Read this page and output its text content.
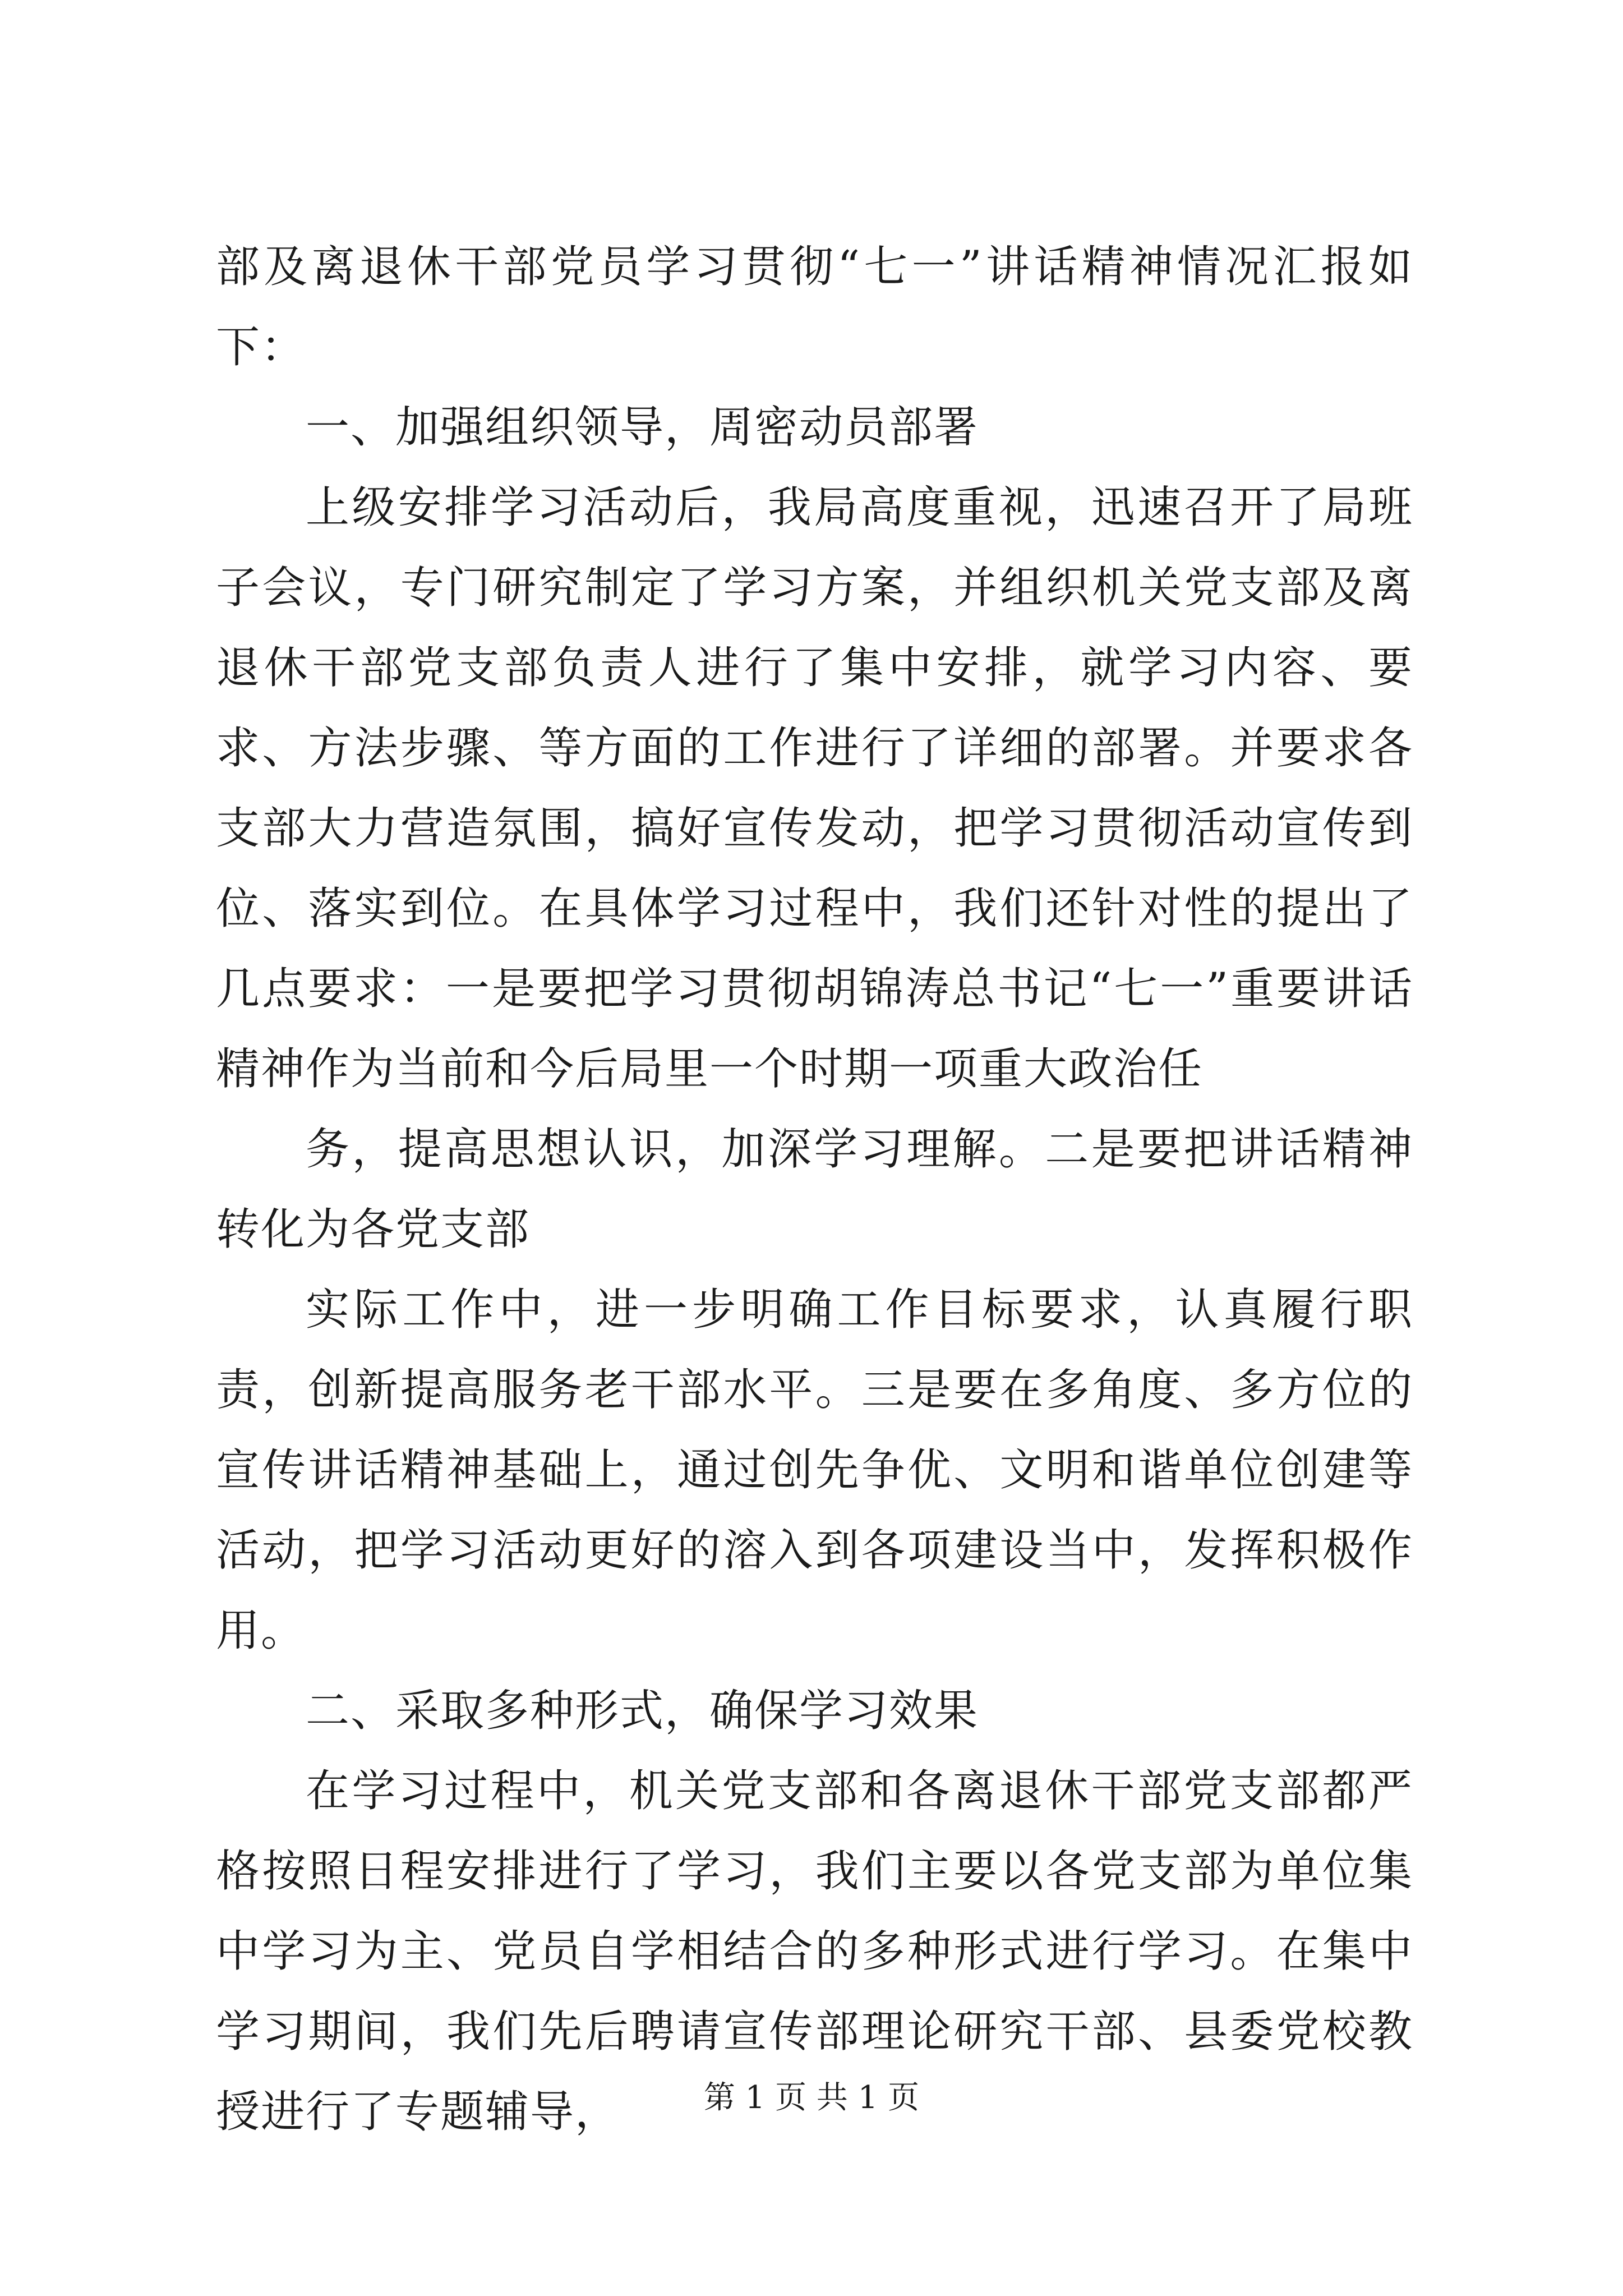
部及离退休干部党员学习贯彻“七一”讲话精神情况汇报如下：

一、加强组织领导，周密动员部署

上级安排学习活动后，我局高度重视，迅速召开了局班子会议，专门研究制定了学习方案，并组织机关党支部及离退休干部党支部负责人进行了集中安排，就学习内容、要求、方法步骤、等方面的工作进行了详细的部署。并要求各支部大力营造氛围，搞好宣传发动，把学习贯彻活动宣传到位、落实到位。在具体学习过程中，我们还针对性的提出了几点要求：一是要把学习贯彻胡锦涛总书记“七一”重要讲话精神作为当前和今后局里一个时期一项重大政治任

务，提高思想认识，加深学习理解。二是要把讲话精神转化为各党支部

实际工作中，进一步明确工作目标要求，认真履行职责，创新提高服务老干部水平。三是要在多角度、多方位的宣传讲话精神基础上，通过创先争优、文明和谐单位创建等活动，把学习活动更好的溶入到各项建设当中，发挥积极作用。

二、采取多种形式，确保学习效果

在学习过程中，机关党支部和各离退休干部党支部都严格按照日程安排进行了学习，我们主要以各党支部为单位集中学习为主、党员自学相结合的多种形式进行学习。在集中学习期间，我们先后聘请宣传部理论研究干部、县委党校教授进行了专题辅导，	第 1 页 共 1 页
